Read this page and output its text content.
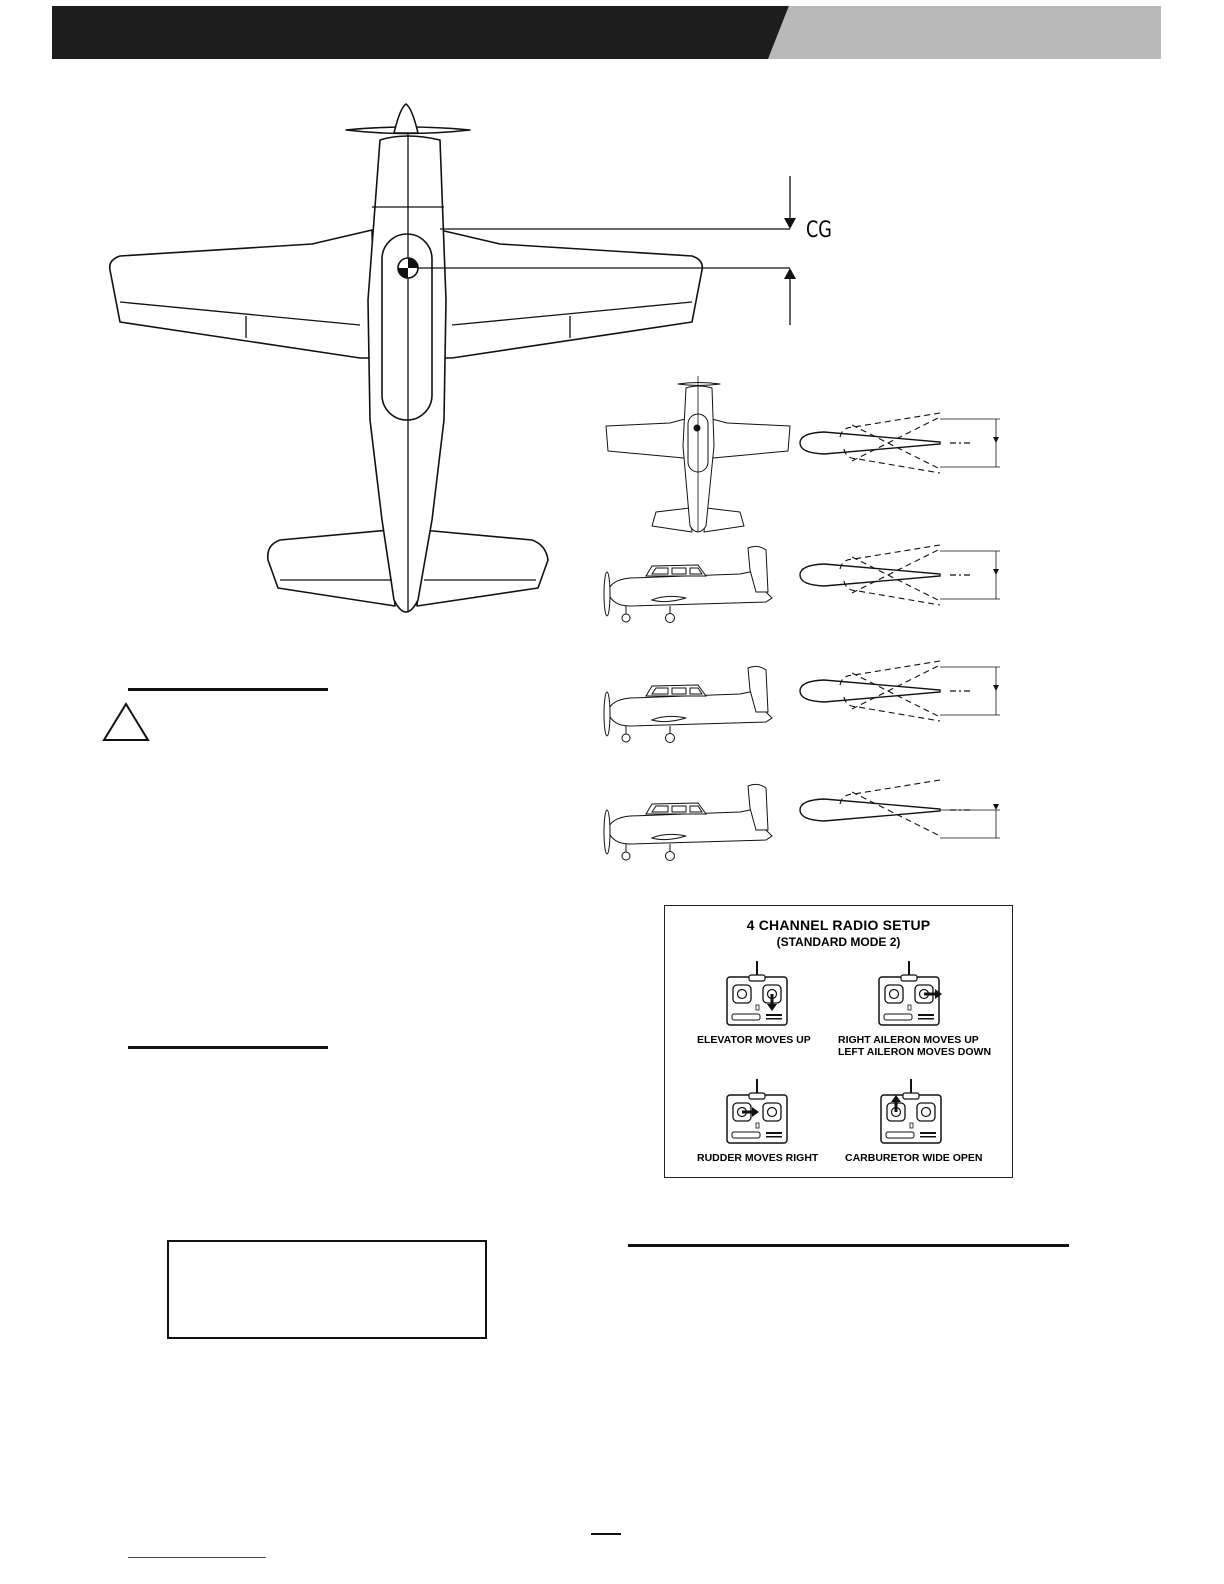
CG
4 CHANNEL RADIO SETUP
(STANDARD MODE 2)
ELEVATOR MOVES UP	RIGHT AILERON MOVES UP
LEFT AILERON MOVES DOWN
RUDDER MOVES RIGHT	CARBURETOR WIDE OPEN
